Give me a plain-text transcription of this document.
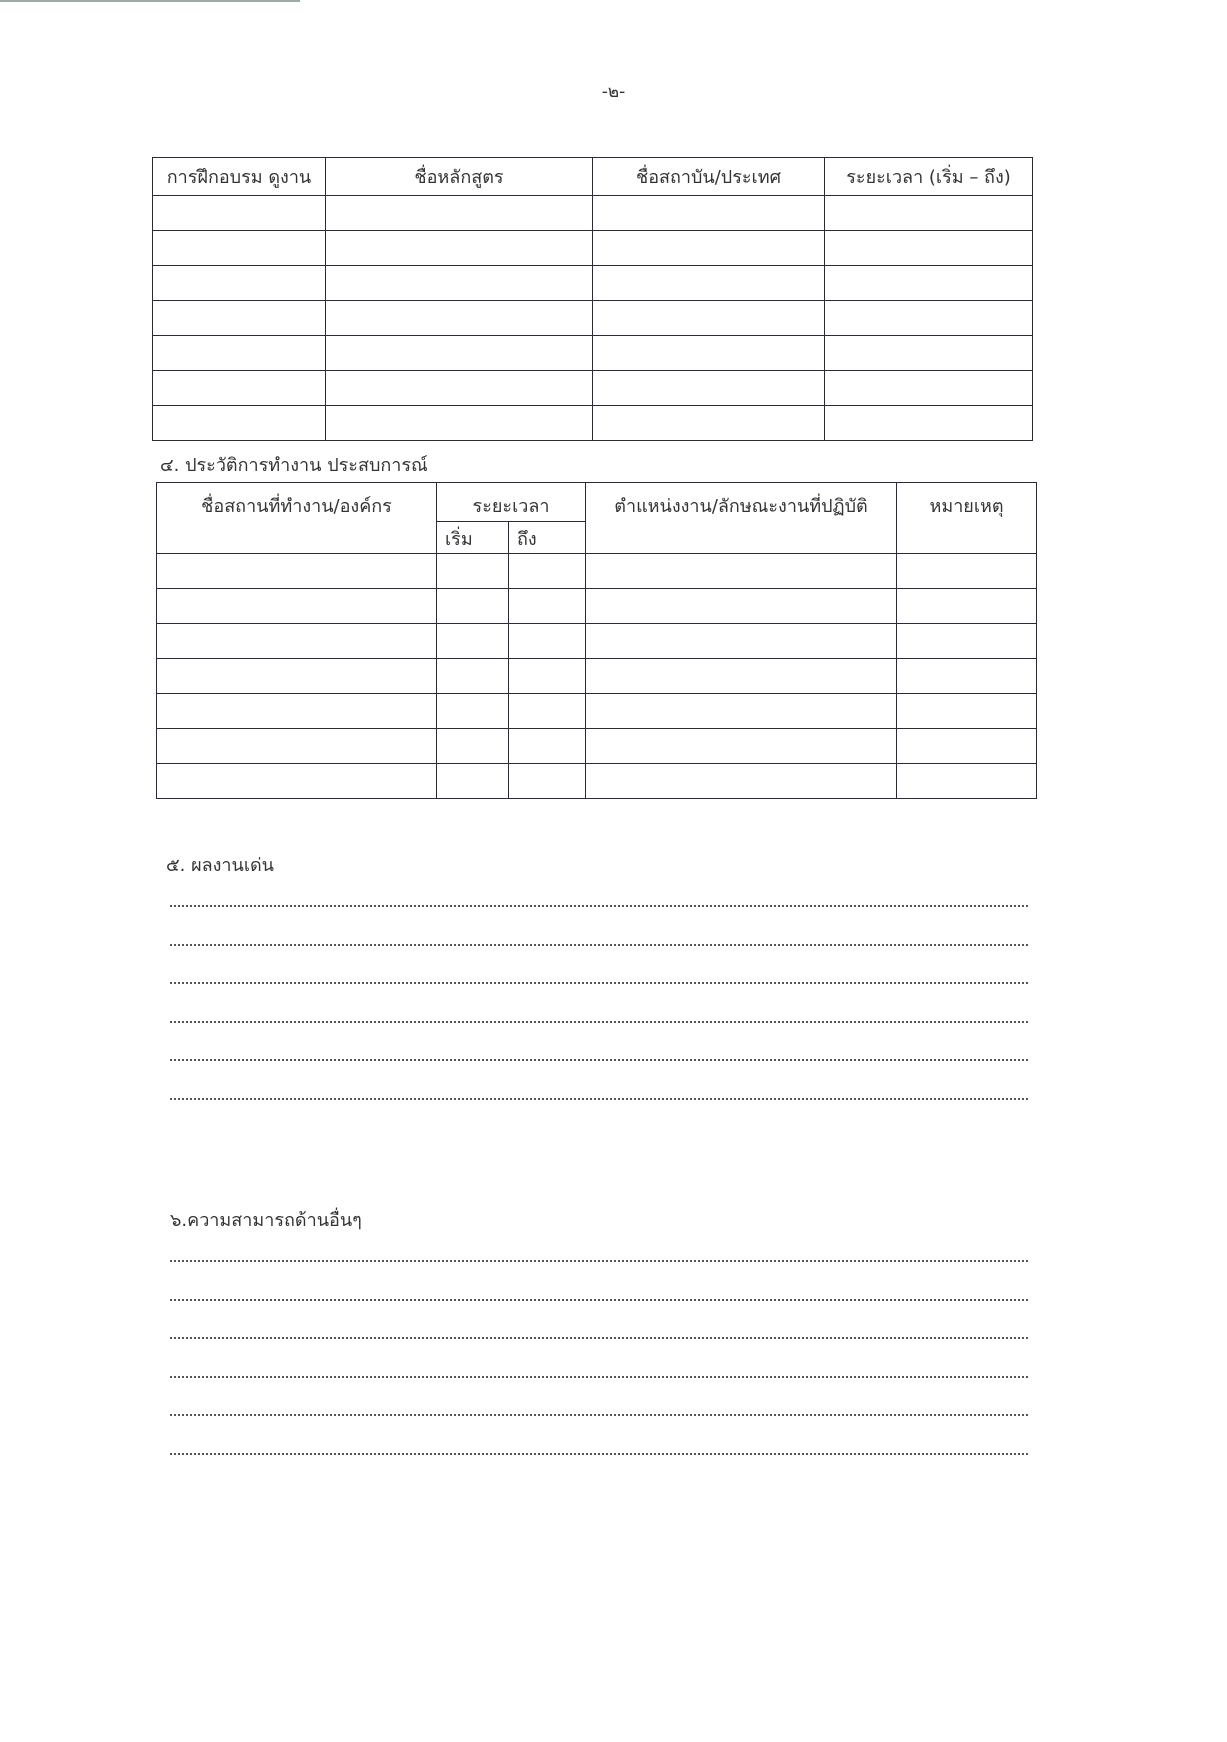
-๒-
การฝึกอบรม ดูงาน	ชื่อหลักสูตร	ชื่อสถาบัน/ประเทศ	ระยะเวลา (เริ่ม – ถึง)

๔. ประวัติการทำงาน ประสบการณ์
ชื่อสถานที่ทำงาน/องค์กร	ระยะเวลา		ตำแหน่งงาน/ลักษณะงานที่ปฏิบัติ	หมายเหตุ
	เริ่ม	ถึง		

๕. ผลงานเด่น
๖.ความสามารถด้านอื่นๆ
